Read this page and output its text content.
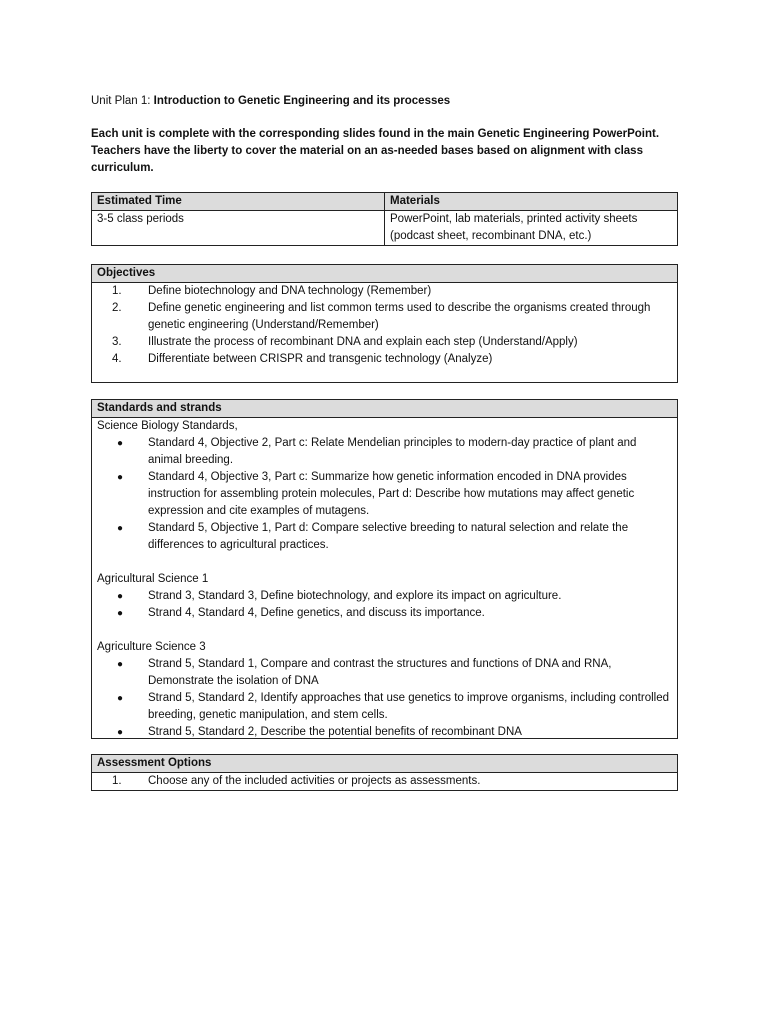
Unit Plan 1: Introduction to Genetic Engineering and its processes
Each unit is complete with the corresponding slides found in the main Genetic Engineering PowerPoint. Teachers have the liberty to cover the material on an as-needed bases based on alignment with class curriculum.
Estimated Time	Materials
3-5 class periods	PowerPoint, lab materials, printed activity sheets (podcast sheet, recombinant DNA, etc.)
Objectives
1.	Define biotechnology and DNA technology (Remember)
2.	Define genetic engineering and list common terms used to describe the organisms created through genetic engineering (Understand/Remember)
3.	Illustrate the process of recombinant DNA and explain each step (Understand/Apply)
4.	Differentiate between CRISPR and transgenic technology (Analyze)
Standards and strands
Science Biology Standards,
●	Standard 4, Objective 2, Part c: Relate Mendelian principles to modern-day practice of plant and animal breeding.
●	Standard 4, Objective 3, Part c: Summarize how genetic information encoded in DNA provides instruction for assembling protein molecules, Part d: Describe how mutations may affect genetic expression and cite examples of mutagens.
●	Standard 5, Objective 1, Part d: Compare selective breeding to natural selection and relate the differences to agricultural practices.
Agricultural Science 1
●	Strand 3, Standard 3, Define biotechnology, and explore its impact on agriculture.
●	Strand 4, Standard 4, Define genetics, and discuss its importance.
Agriculture Science 3
●	Strand 5, Standard 1, Compare and contrast the structures and functions of DNA and RNA, Demonstrate the isolation of DNA
●	Strand 5, Standard 2, Identify approaches that use genetics to improve organisms, including controlled breeding, genetic manipulation, and stem cells.
●	Strand 5, Standard 2, Describe the potential benefits of recombinant DNA
Assessment Options
1.	Choose any of the included activities or projects as assessments.
